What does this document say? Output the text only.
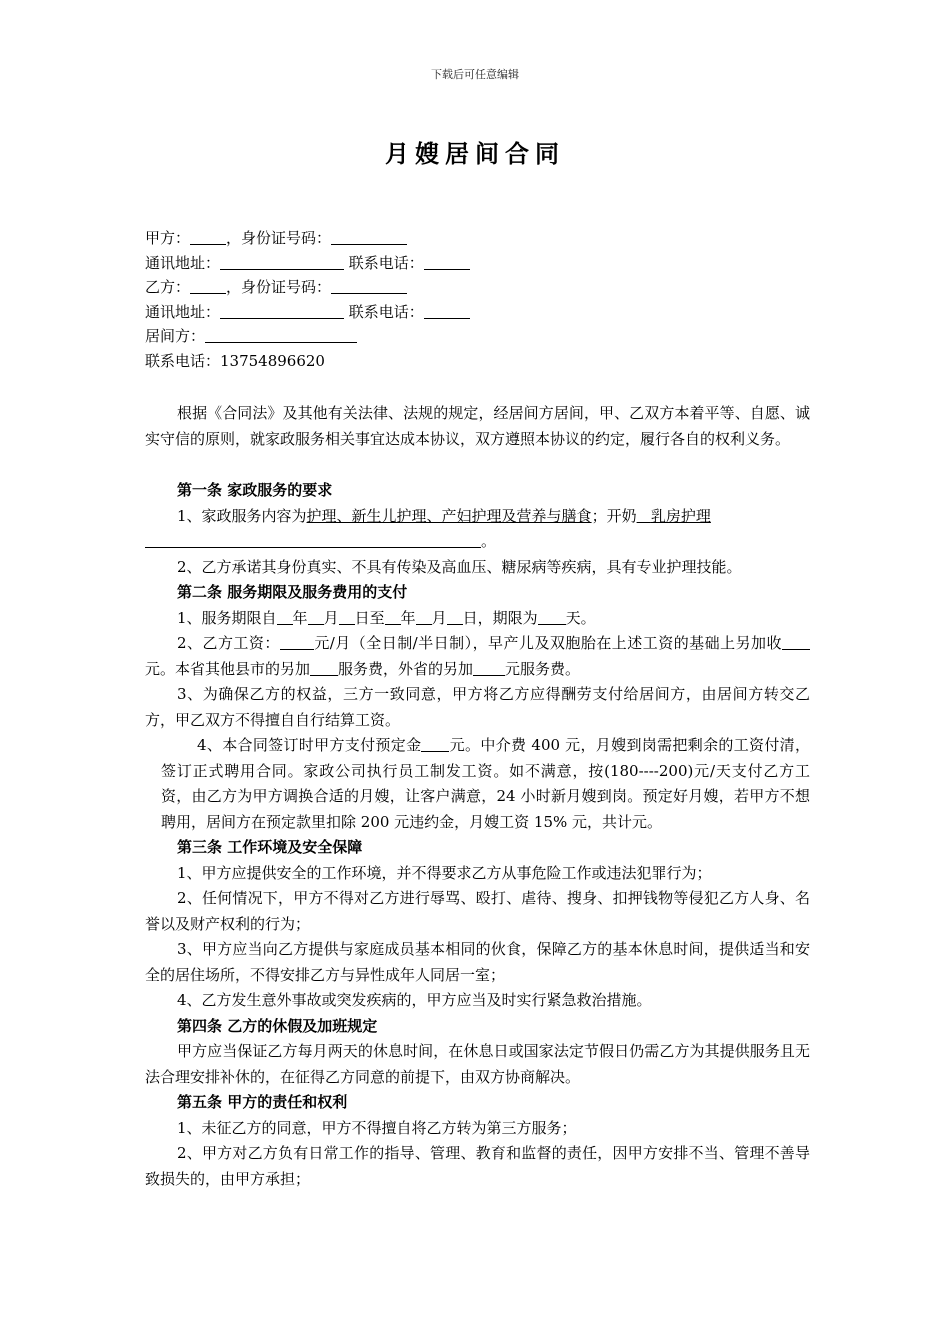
下载后可任意编辑
月嫂居间合同
甲方： ，身份证号码：
通讯地址：	联系电话：
乙方： ，身份证号码：
通讯地址：	联系电话：
居间方：
联系电话：13754896620
根据《合同法》及其他有关法律、法规的规定，经居间方居间，甲、乙双方本着平等、自愿、诚实守信的原则，就家政服务相关事宜达成本协议，双方遵照本协议的约定，履行各自的权利义务。
第一条 家政服务的要求
1、家政服务内容为护理、新生儿护理、产妇护理及营养与膳食；开奶 乳房护理
。
2、乙方承诺其身份真实、不具有传染及高血压、糖尿病等疾病，具有专业护理技能。
第二条 服务期限及服务费用的支付
1、服务期限自 年 月 日至 年 月 日，期限为 天。
2、乙方工资： 元/月（全日制/半日制），早产儿及双胞胎在上述工资的基础上另加收元。本省其他县市的另加 服务费，外省的另加 元服务费。
3、为确保乙方的权益，三方一致同意，甲方将乙方应得酬劳支付给居间方，由居间方转交乙方，甲乙双方不得擅自自行结算工资。
4、本合同签订时甲方支付预定金 元。中介费 400 元，月嫂到岗需把剩余的工资付清，签订正式聘用合同。家政公司执行员工制发工资。如不满意，按(180----200)元/天支付乙方工资，由乙方为甲方调换合适的月嫂，让客户满意，24 小时新月嫂到岗。预定好月嫂，若甲方不想聘用，居间方在预定款里扣除 200 元违约金，月嫂工资 15% 元，共计元。
第三条 工作环境及安全保障
1、甲方应提供安全的工作环境，并不得要求乙方从事危险工作或违法犯罪行为；
2、任何情况下，甲方不得对乙方进行辱骂、殴打、虐待、搜身、扣押钱物等侵犯乙方人身、名誉以及财产权利的行为；
3、甲方应当向乙方提供与家庭成员基本相同的伙食，保障乙方的基本休息时间，提供适当和安全的居住场所，不得安排乙方与异性成年人同居一室；
4、乙方发生意外事故或突发疾病的，甲方应当及时实行紧急救治措施。
第四条 乙方的休假及加班规定
甲方应当保证乙方每月两天的休息时间，在休息日或国家法定节假日仍需乙方为其提供服务且无法合理安排补休的，在征得乙方同意的前提下，由双方协商解决。
第五条 甲方的责任和权利
1、未征乙方的同意，甲方不得擅自将乙方转为第三方服务；
2、甲方对乙方负有日常工作的指导、管理、教育和监督的责任，因甲方安排不当、管理不善导致损失的，由甲方承担；
